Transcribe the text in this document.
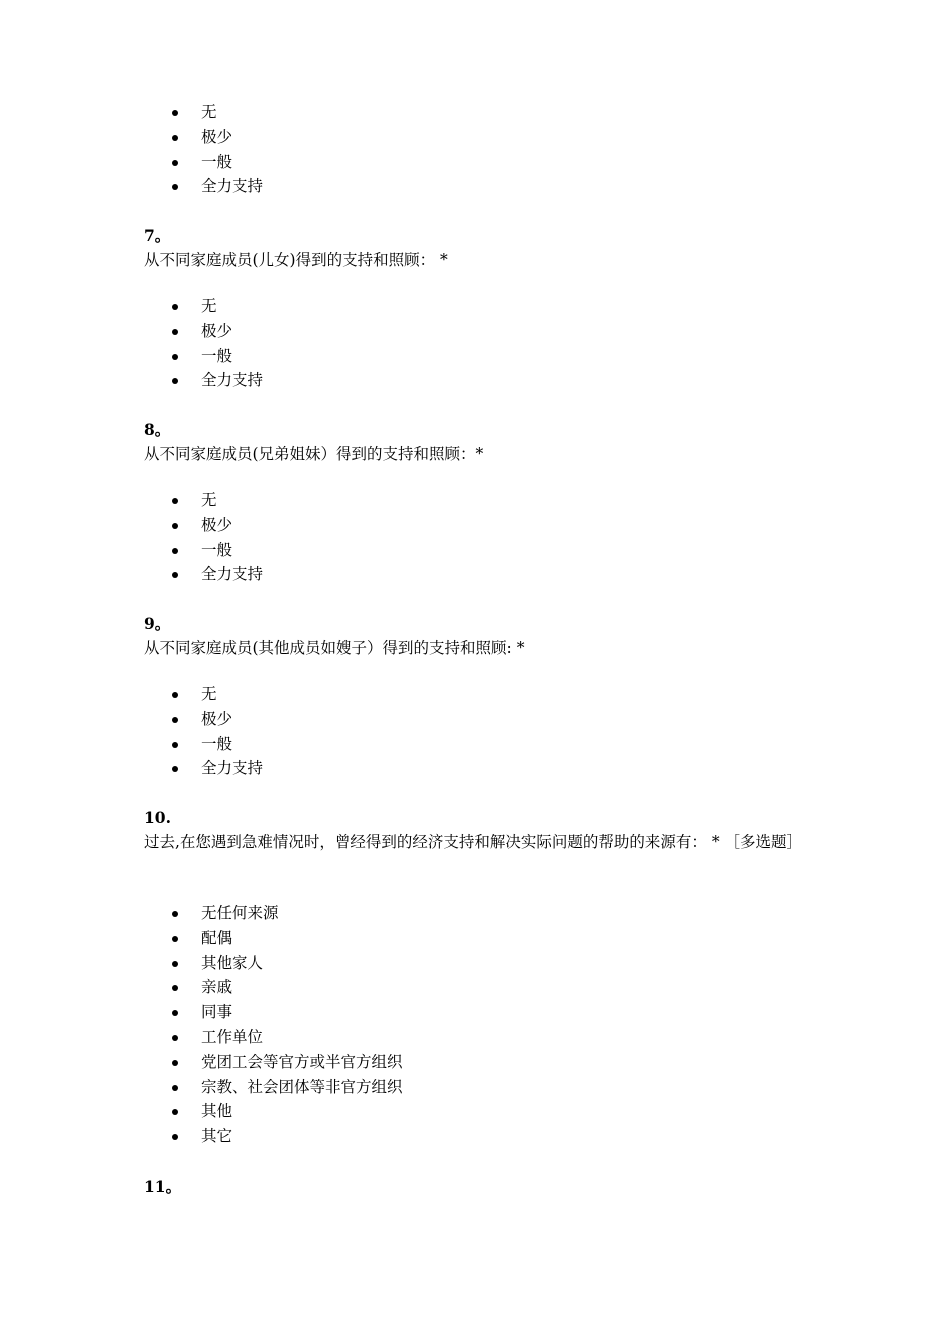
无
极少
一般
全力支持
7。
从不同家庭成员(儿女)得到的支持和照顾： *
无
极少
一般
全力支持
8。
从不同家庭成员(兄弟姐妹）得到的支持和照顾：*
无
极少
一般
全力支持
9。
从不同家庭成员(其他成员如嫂子）得到的支持和照顾: *
无
极少
一般
全力支持
10.
过去,在您遇到急难情况时，曾经得到的经济支持和解决实际问题的帮助的来源有： * ［多选题］
无任何来源
配偶
其他家人
亲戚
同事
工作单位
党团工会等官方或半官方组织
宗教、社会团体等非官方组织
其他
其它
11。
